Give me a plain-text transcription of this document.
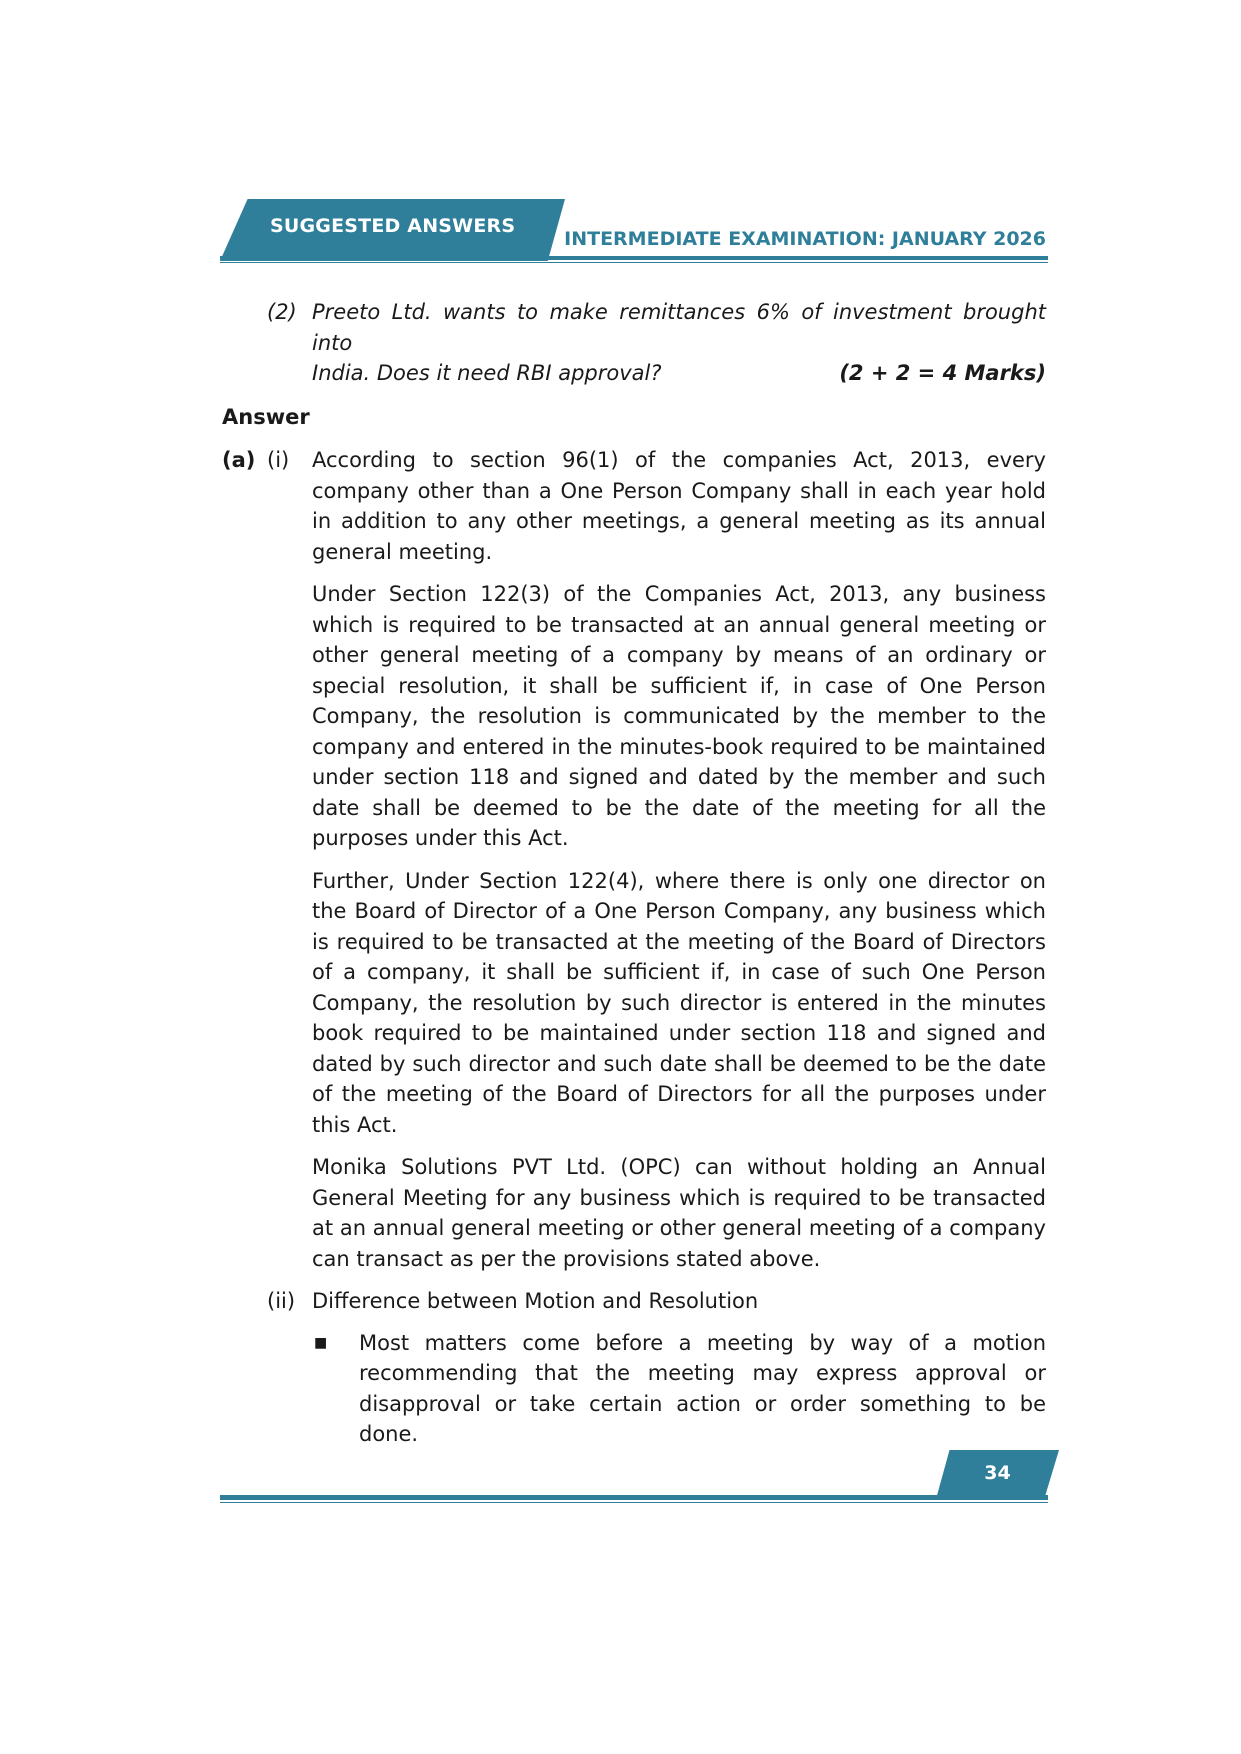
SUGGESTED ANSWERS
INTERMEDIATE EXAMINATION: JANUARY 2026
(2) Preeto Ltd. wants to make remittances 6% of investment brought into
India. Does it need RBI approval?	(2 + 2 = 4 Marks)
Answer
(a) (i)	According to section 96(1) of the companies Act, 2013, every company other than a One Person Company shall in each year hold in addition to any other meetings, a general meeting as its annual general meeting.
Under Section 122(3) of the Companies Act, 2013, any business which is required to be transacted at an annual general meeting or other general meeting of a company by means of an ordinary or special resolution, it shall be sufficient if, in case of One Person Company, the resolution is communicated by the member to the company and entered in the minutes-book required to be maintained under section 118 and signed and dated by the member and such date shall be deemed to be the date of the meeting for all the purposes under this Act.
Further, Under Section 122(4), where there is only one director on the Board of Director of a One Person Company, any business which is required to be transacted at the meeting of the Board of Directors of a company, it shall be sufficient if, in case of such One Person Company, the resolution by such director is entered in the minutes book required to be maintained under section 118 and signed and dated by such director and such date shall be deemed to be the date of the meeting of the Board of Directors for all the purposes under this Act.
Monika Solutions PVT Ltd. (OPC) can without holding an Annual General Meeting for any business which is required to be transacted at an annual general meeting or other general meeting of a company can transact as per the provisions stated above.
(ii) Difference between Motion and Resolution
■	Most matters come before a meeting by way of a motion recommending that the meeting may express approval or disapproval or take certain action or order something to be done.
34
